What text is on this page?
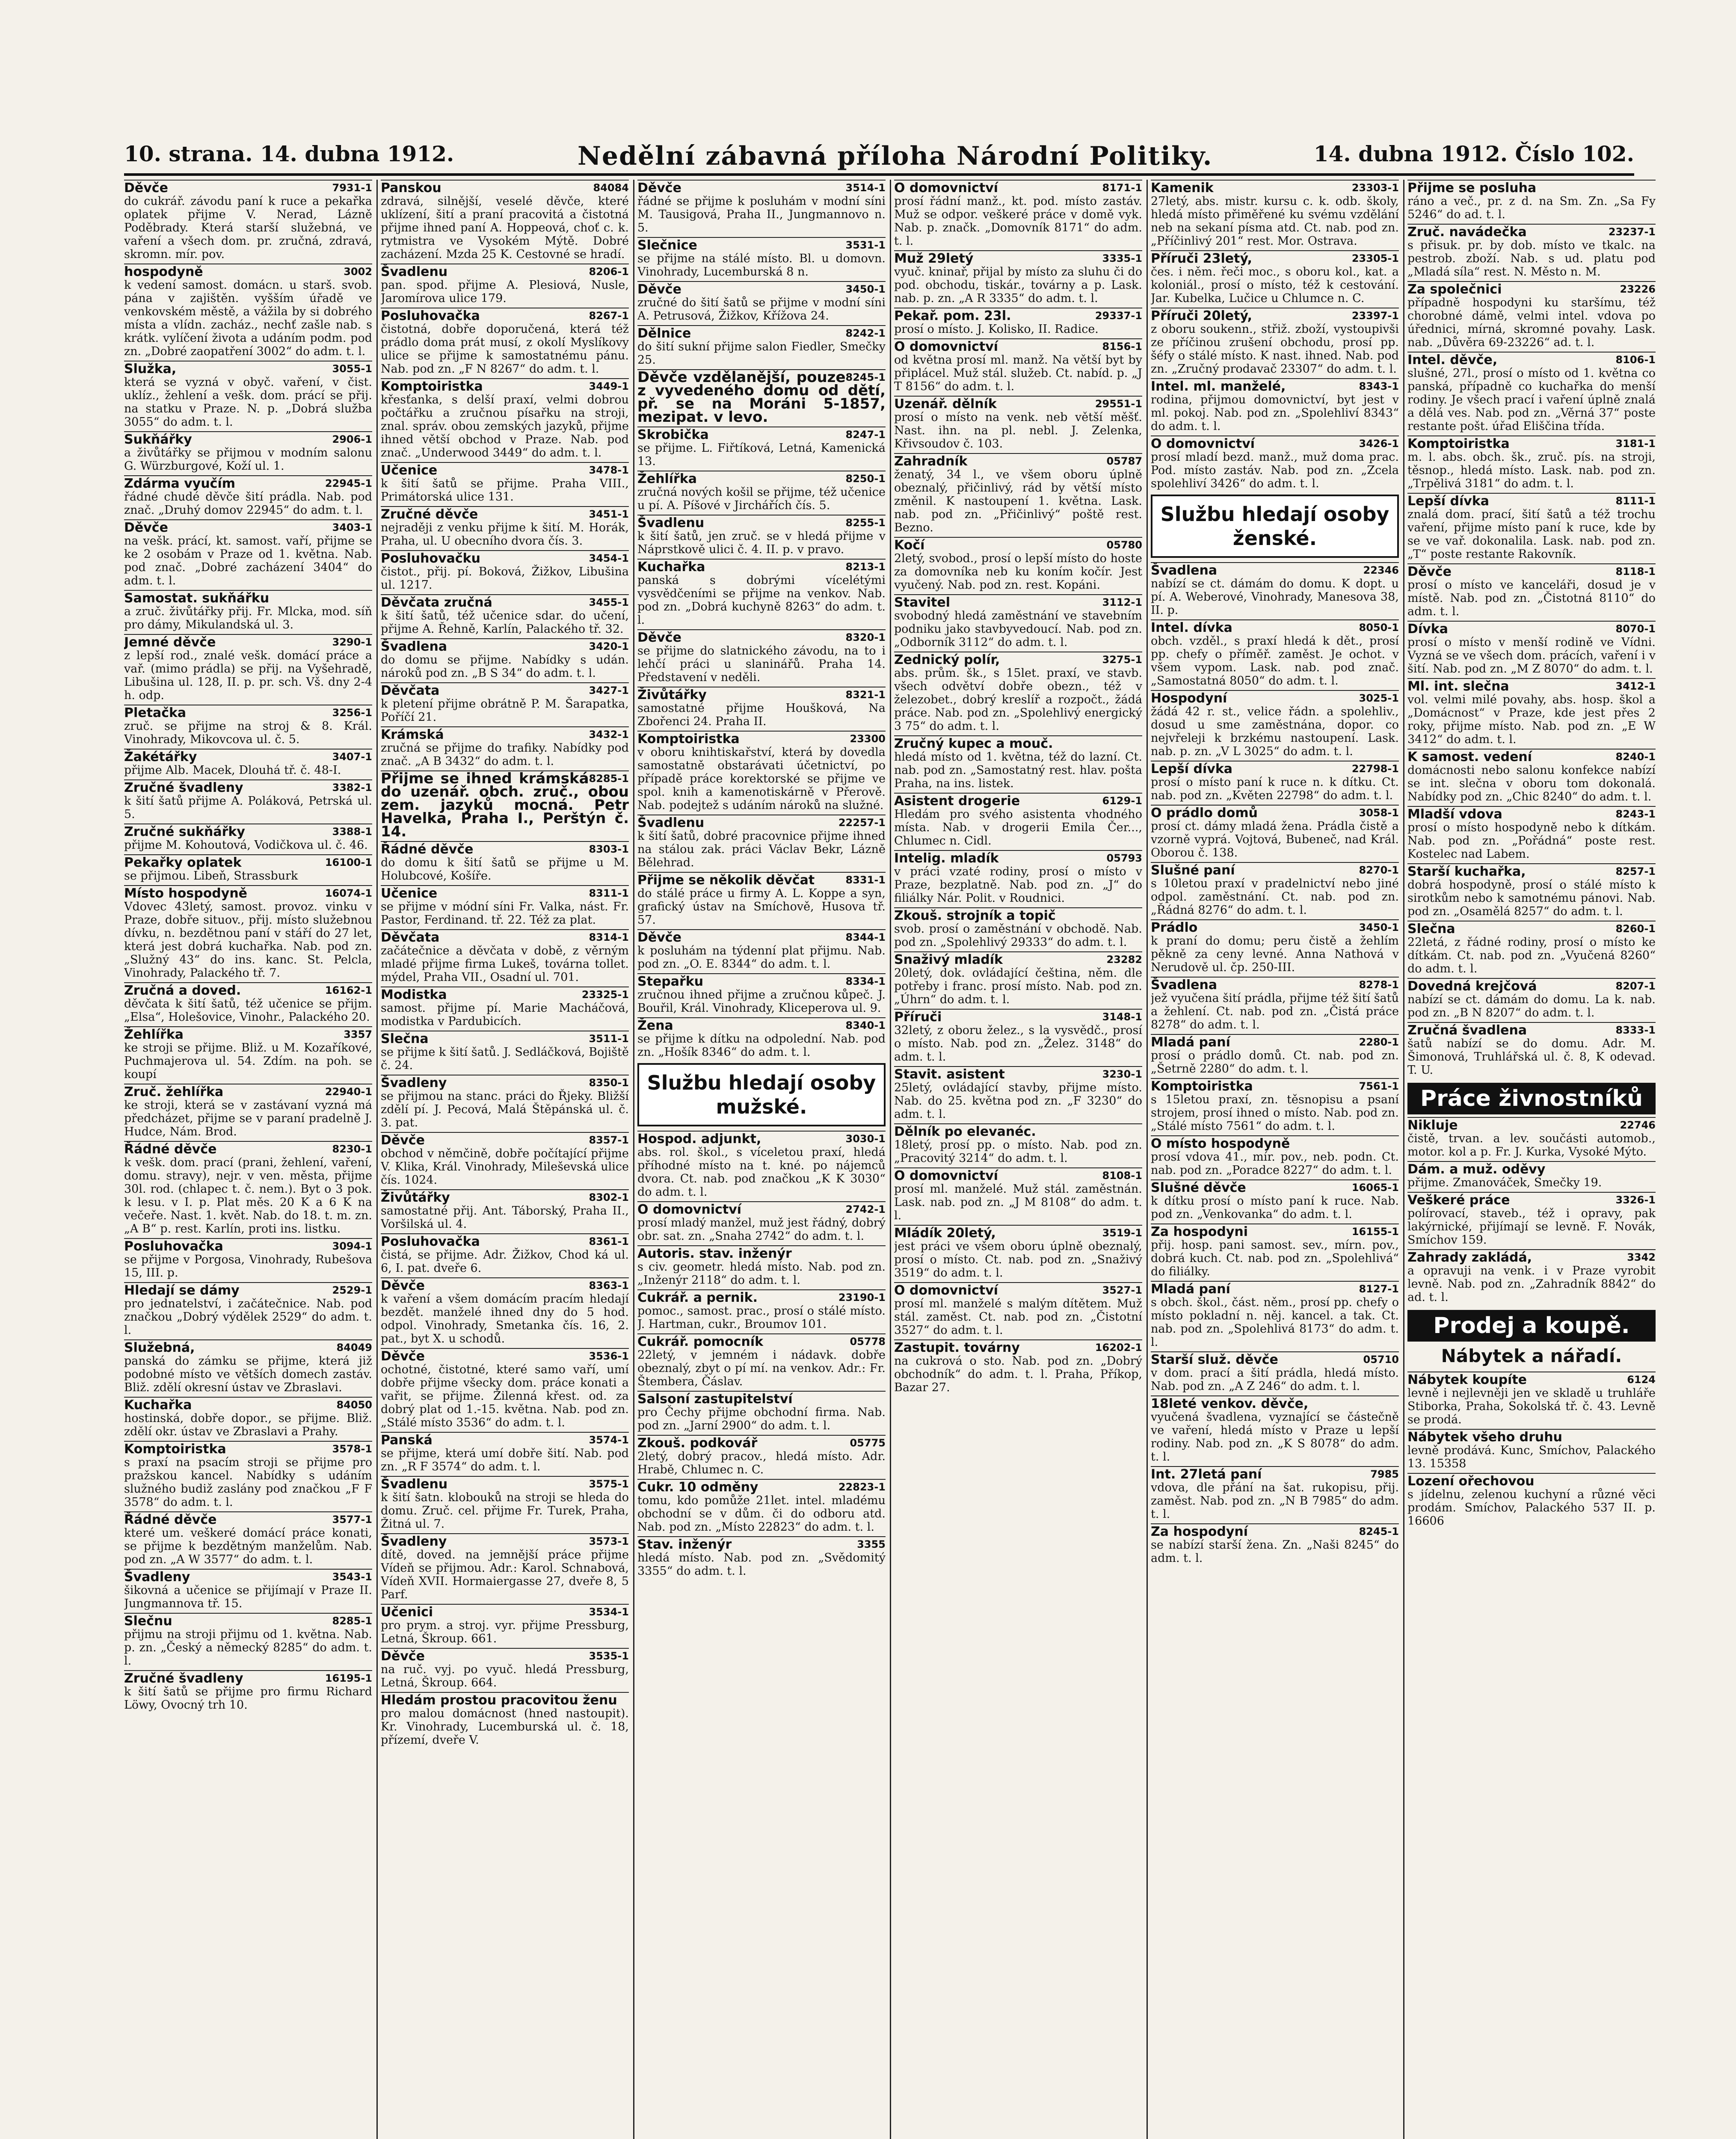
10. strana. 14. dubna 1912.	Nedělní zábavná příloha Národní Politiky.	14. dubna 1912. Číslo 102.
7931-1
Děvče
do cukrář. závodu paní k ruce a pekařka oplatek přijme V. Nerad, Lázně Poděbrady. Která starší služebná, ve vaření a všech dom. pr. zručná, zdravá, skromn. mír. pov.
3002
hospodyně
k vedení samost. domácn. u starš. svob. pána v zajištěn. vyšším úřadě ve venkovském městě, a vážila by si dobrého místa a vlídn. zacház., nechť zašle nab. s krátk. vylíčení života a udáním podm. pod zn. „Dobré zaopatření 3002“ do adm. t. l.
3055-1
Služka,
která se vyzná v obyč. vaření, v čist. uklíz., žehlení a vešk. dom. prácí se přij. na statku v Praze. N. p. „Dobrá služba 3055“ do adm. t. l.
2906-1
Sukňářky
a živůtářky se přijmou v modním salonu G. Würzburgové, Koží ul. 1.
22945-1
Zdárma vyučím
řádné chudé děvče šití prádla. Nab. pod znač. „Druhý domov 22945“ do adm. t. l.
3403-1
Děvče
na vešk. prácí, kt. samost. vaří, přijme se ke 2 osobám v Praze od 1. května. Nab. pod znač. „Dobré zacházení 3404“ do adm. t. l.
Samostat. sukňářku
a zruč. živůtářky přij. Fr. Mlcka, mod. síň pro dámy, Mikulandská ul. 3.
3290-1
Jemné děvče
z lepší rod., znalé vešk. domácí práce a vař. (mimo prádla) se přij. na Vyšehradě, Libušina ul. 128, II. p. pr. sch. Vš. dny 2-4 h. odp.
3256-1
Pletačka
zruč. se přijme na stroj & 8. Král. Vinohrady, Mikovcova ul. č. 5.
3407-1
Žakétářky
přijme Alb. Macek, Dlouhá tř. č. 48-I.
3382-1
Zručné švadleny
k šití šatů přijme A. Poláková, Petrská ul. 5.
3388-1
Zručné sukňářky
přijme M. Kohoutová, Vodičkova ul. č. 46.
16100-1
Pekařky oplatek
se přijmou. Libeň, Strassburk
16074-1
Místo hospodyně
Vdovec 43letý, samost. provoz. vinku v Praze, dobře situov., přij. místo služebnou dívku, n. bezdětnou paní v stáří do 27 let, která jest dobrá kuchařka. Nab. pod zn. „Služný 43“ do ins. kanc. St. Pelcla, Vinohrady, Palackého tř. 7.
16162-1
Zručná a doved.
děvčata k šití šatů, též učenice se přijm. „Elsa“, Holešovice, Vinohr., Palackého 20.
3357
Žehlířka
ke stroji se přijme. Bliž. u M. Kozaříkové, Puchmajerova ul. 54. Zdím. na poh. se koupí
22940-1
Zruč. žehlířka
ke stroji, která se v zastávaní vyzná má předcházet, přijme se v paraní pradelně J. Hudce, Nám. Brod.
8230-1
Řádné děvče
k vešk. dom. prací (prani, žehlení, vaření, domu. stravy), nejr. v ven. města, přijme 30l. rod. (chlapec t. č. nem.). Byt o 3 pok. k lesu. v I. p. Plat měs. 20 K a 6 K na večeře. Nast. 1. květ. Nab. do 18. t. m. zn. „A B“ p. rest. Karlín, proti ins. listku.
3094-1
Posluhovačka
se přijme v Porgosa, Vinohrady, Rubešova 15, III. p.
2529-1
Hledají se dámy
pro jednatelství, i začátečnice. Nab. pod značkou „Dobrý výdělek 2529“ do adm. t. l.
84049
Služebná,
panská do zámku se přijme, která již podobné místo ve větších domech zastáv. Bliž. zdělí okresní ústav ve Zbraslavi.
84050
Kuchařka
hostinská, dobře dopor., se přijme. Bliž. zdělí okr. ústav ve Zbraslavi a Prahy.
3578-1
Komptoiristka
s praxí na psacím stroji se přijme pro pražskou kancel. Nabídky s udáním služného budiž zaslány pod značkou „F F 3578“ do adm. t. l.
3577-1
Řádné děvče
které um. veškeré domácí práce konati, se přijme k bezdětným manželům. Nab. pod zn. „A W 3577“ do adm. t. l.
3543-1
Švadleny
šikovná a učenice se přijímají v Praze II. Jungmannova tř. 15.
8285-1
Slečnu
přijmu na stroji přijmu od 1. května. Nab. p. zn. „Český a německý 8285“ do adm. t. l.
16195-1
Zručné švadleny
k šití šatů se přijme pro firmu Richard Löwy, Ovocný trh 10.
84084
Panskou
zdravá, silnější, veselé děvče, které uklízení, šití a praní pracovitá a čistotná přijme ihned paní A. Hoppeová, choť c. k. rytmistra ve Vysokém Mýtě. Dobré zacházení. Mzda 25 K. Cestovné se hradí.
8206-1
Švadlenu
pan. spod. přijme A. Plesiová, Nusle, Jaromírova ulice 179.
8267-1
Posluhovačka
čistotná, dobře doporučená, která též prádlo doma prát musí, z okolí Myslíkovy ulice se přijme k samostatnému pánu. Nab. pod zn. „F N 8267“ do adm. t. l.
3449-1
Komptoiristka
křesťanka, s delší praxí, velmi dobrou počtářku a zručnou písařku na stroji, znal. správ. obou zemských jazyků, přijme ihned větší obchod v Praze. Nab. pod znač. „Underwood 3449“ do adm. t. l.
3478-1
Učenice
k šití šatů se přijme. Praha VIII., Primátorská ulice 131.
3451-1
Zručné děvče
nejraději z venku přijme k šití. M. Horák, Praha, ul. U obecního dvora čís. 3.
3454-1
Posluhovačku
čistot., přij. pí. Boková, Žižkov, Libušina ul. 1217.
3455-1
Děvčata zručná
k šití šatů, též učenice sdar. do učení, přijme A. Řehně, Karlín, Palackého tř. 32.
3420-1
Švadlena
do domu se přijme. Nabídky s udán. nároků pod zn. „B S 34“ do adm. t. l.
3427-1
Děvčata
k pletení přijme obrátně P. M. Šarapatka, Poříčí 21.
3432-1
Krámská
zručná se přijme do trafiky. Nabídky pod znač. „A B 3432“ do adm. t. l.
8285-1
Přijme se ihned krámská do uzenář. obch. zruč., obou zem. jazyků mocná. Petr Havelka, Praha I., Perštýn č. 14.
8303-1
Řádné děvče
do domu k šití šatů se přijme u M. Holubcové, Košíře.
8311-1
Učenice
se přijme v módní síni Fr. Valka, nást. Fr. Pastor, Ferdinand. tř. 22. Též za plat.
8314-1
Děvčata
začátečnice a děvčata v době, z věrným mladé přijme firma Lukeš, továrna tollet. mýdel, Praha VII., Osadní ul. 701.
23325-1
Modistka
samost. přijme pí. Marie Macháčová, modistka v Pardubicích.
3511-1
Slečna
se přijme k šití šatů. J. Sedláčková, Bojiště č. 24.
8350-1
Švadleny
se přijmou na stanc. práci do Řjeky. Bližší zdělí pí. J. Pecová, Malá Štěpánská ul. č. 3. pat.
8357-1
Děvče
obchod v němčině, dobře počítající přijme V. Klika, Král. Vinohrady, Mileševská ulice čís. 1024.
8302-1
Živůtářky
samostatné přij. Ant. Táborský, Praha II., Voršilská ul. 4.
8361-1
Posluhovačka
čistá, se přijme. Adr. Žižkov, Chod ká ul. 6, I. pat. dveře 6.
8363-1
Děvče
k vaření a všem domácím pracím hledají bezdět. manželé ihned dny do 5 hod. odpol. Vinohrady, Smetanka čís. 16, 2. pat., byt X. u schodů.
3536-1
Děvče
ochotné, čistotné, které samo vaří, umí dobře přijme všecky dom. práce konati a vařit, se přijme. Žilenná křest. od. za dobrý plat od 1.-15. května. Nab. pod zn. „Stálé místo 3536“ do adm. t. l.
3574-1
Panská
se přijme, která umí dobře šití. Nab. pod zn. „R F 3574“ do adm. t. l.
3575-1
Švadlenu
k šití šatn. klobouků na stroji se hleda do domu. Zruč. cel. přijme Fr. Turek, Praha, Žitná ul. 7.
3573-1
Švadleny
dítě, doved. na jemnější práce přijme Vídeň se přijmou. Adr.: Karol. Schnabová, Vídeň XVII. Hormaiergasse 27, dveře 8, 5 Parf.
3534-1
Učenici
pro prym. a stroj. vyr. přijme Pressburg, Letná, Škroup. 661.
3535-1
Děvče
na ruč. vyj. po vyuč. hledá Pressburg, Letná, Škroup. 664.
Hledám prostou pracovitou ženu
pro malou domácnost (hned nastoupit). Kr. Vinohrady, Lucemburská ul. č. 18, přízemí, dveře V.
3514-1
Děvče
řádné se přijme k posluhám v modní síni M. Tausigová, Praha II., Jungmannovo n. 5.
3531-1
Slečnice
se přijme na stálé místo. Bl. u domovn. Vinohrady, Lucemburská 8 n.
3450-1
Děvče
zručné do šití šatů se přijme v modní síni A. Petrusová, Žižkov, Křížova 24.
8242-1
Dělnice
do šití sukní přijme salon Fiedler, Smečky 25.
8245-1
Děvče vzdělanější, pouze z vyvedeného domu od dětí, př. se na Moráni 5-1857, mezipat. v levo.
8247-1
Skrobička
se přijme. L. Fiřtíková, Letná, Kamenická 13.
8250-1
Žehlířka
zručná nových košil se přijme, též učenice u pí. A. Píšové v Jirchářích čís. 5.
8255-1
Švadlenu
k šití šatů, jen zruč. se v hledá přijme v Náprstkově ulici č. 4. II. p. v pravo.
8213-1
Kuchařka
panská s dobrými vícelétými vysvědčeními se přijme na venkov. Nab. pod zn. „Dobrá kuchyně 8263“ do adm. t. l.
8320-1
Děvče
se přijme do slatnického závodu, na to i lehčí práci u slaninářů. Praha 14. Představení v neděli.
8321-1
Živůtářky
samostatné přijme Houšková, Na Zbořenci 24. Praha II.
23300
Komptoiristka
v oboru knihtiskařství, která by dovedla samostatně obstarávati účetnictví, po případě práce korektorské se přijme ve spol. knih a kamenotiskárně v Přerově. Nab. podejtež s udáním nároků na služné.
22257-1
Švadlenu
k šití šatů, dobré pracovnice přijme ihned na stálou zak. práci Václav Bekr, Lázně Bělehrad.
8331-1
Přijme se několik děvčat
do stálé práce u firmy A. L. Koppe a syn, grafický ústav na Smíchově, Husova tř. 57.
8344-1
Děvče
k posluhám na týdenní plat přijmu. Nab. pod zn. „O. E. 8344“ do adm. t. l.
8334-1
Stepařku
zručnou ihned přijme a zručnou kůpeč. J. Bouřil, Král. Vinohrady, Kliceperova ul. 9.
8340-1
Žena
se přijme k dítku na odpolední. Nab. pod zn. „Hošík 8346“ do adm. t. l.
Službu hledají osoby mužské.
3030-1
Hospod. adjunkt,
abs. rol. škol., s víceletou praxí, hledá příhodné místo na t. kné. po nájemců dvora. Ct. nab. pod značkou „K K 3030“ do adm. t. l.
2742-1
O domovnictví
prosí mladý manžel, muž jest řádný, dobrý obr. sat. zn. „Snaha 2742“ do adm. t. l.
Autoris. stav. inženýr
s civ. geometr. hledá místo. Nab. pod zn. „Inženýr 2118“ do adm. t. l.
23190-1
Cukrář. a pernik.
pomoc., samost. prac., prosí o stálé místo. J. Hartman, cukr., Broumov 101.
05778
Cukrář. pomocník
22letý, v jemném i nádavk. dobře obeznalý, zbyt o pí mí. na venkov. Adr.: Fr. Štembera, Čáslav.
Salsoní zastupitelství
pro Čechy přijme obchodní firma. Nab. pod zn. „Jarní 2900“ do adm. t. l.
05775
Zkouš. podkovář
2letý, dobrý pracov., hledá místo. Adr. Hrabě, Chlumec n. C.
22823-1
Cukr. 10 odměny
tomu, kdo pomůže 21let. intel. mladému obchodní se v dům. či do odboru atd. Nab. pod zn. „Místo 22823“ do adm. t. l.
3355
Stav. inženýr
hledá místo. Nab. pod zn. „Svědomitý 3355“ do adm. t. l.
8171-1
O domovnictví
prosí řádní manž., kt. pod. místo zastáv. Muž se odpor. veškeré práce v domě vyk. Nab. p. značk. „Domovník 8171“ do adm. t. l.
3335-1
Muž 29letý
vyuč. kninař, přijal by místo za sluhu či do pod. obchodu, tiskár., továrny a p. Lask. nab. p. zn. „A R 3335“ do adm. t. l.
29337-1
Pekař. pom. 23l.
prosí o místo. J. Kolisko, II. Radice.
8156-1
O domovnictví
od května prosí ml. manž. Na větší byt by připlácel. Muž stál. služeb. Ct. nabíd. p. „J T 8156“ do adm. t. l.
29551-1
Uzenář. dělník
prosí o místo na venk. neb větší měšť. Nast. ihn. na pl. nebl. J. Zelenka, Křivsoudov č. 103.
05787
Zahradník
ženatý, 34 l., ve všem oboru úplně obeznalý, přičinlivý, rád by větší místo změnil. K nastoupení 1. května. Lask. nab. pod zn. „Přičinlivý“ poště rest. Bezno.
05780
Kočí
2letý, svobod., prosí o lepší místo do hoste za domovníka neb ku koním kočír. Jest vyučený. Nab. pod zn. rest. Kopáni.
3112-1
Stavitel
svobodný hledá zaměstnání ve stavebním podniku jako stavbyvedoucí. Nab. pod zn. „Odborník 3112“ do adm. t. l.
3275-1
Zednický polír,
abs. prům. šk., s 15let. praxí, ve stavb. všech odvětví dobře obezn., též v železobet., dobrý kreslíř a rozpočt., žádá práce. Nab. pod zn. „Spolehlivý energický 3 75“ do adm. t. l.
Zručný kupec a mouč.
hledá místo od 1. května, též do lazní. Ct. nab. pod zn. „Samostatný rest. hlav. pošta Praha, na ins. listek.
6129-1
Asistent drogerie
Hledám pro svého asistenta vhodného místa. Nab. v drogerii Emila Čer..., Chlumec n. Cidl.
05793
Intelig. mladík
v práci vzaté rodiny, prosí o místo v Praze, bezplatně. Nab. pod zn. „J“ do filiálky Nár. Polit. v Roudnici.
Zkouš. strojník a topič
svob. prosí o zaměstnání v obchodě. Nab. pod zn. „Spolehlivý 29333“ do adm. t. l.
23282
Snaživý mladík
20letý, dok. ovládající čeština, něm. dle potřeby i franc. prosí místo. Nab. pod zn. „Úhrn“ do adm. t. l.
3148-1
Příruči
32letý, z oboru želez., s la vysvědč., prosí o místo. Nab. pod zn. „Želez. 3148“ do adm. t. l.
3230-1
Stavit. asistent
25letý, ovládající stavby, přijme místo. Nab. do 25. května pod zn. „F 3230“ do adm. t. l.
Dělník po elevanéc.
18letý, prosí pp. o místo. Nab. pod zn. „Pracovitý 3214“ do adm. t. l.
8108-1
O domovnictví
prosí ml. manželé. Muž stál. zaměstnán. Lask. nab. pod zn. „J M 8108“ do adm. t. l.
3519-1
Mládík 20letý,
jest práci ve všem oboru úplně obeznalý, prosí o místo. Ct. nab. pod zn. „Snaživý 3519“ do adm. t. l.
3527-1
O domovnictví
prosí ml. manželé s malým dítětem. Muž stál. zaměst. Ct. nab. pod zn. „Čistotní 3527“ do adm. t. l.
16202-1
Zastupit. továrny
na cukrová o sto. Nab. pod zn. „Dobrý obchodník“ do adm. t. l. Praha, Příkop, Bazar 27.
23303-1
Kamenik
27letý, abs. mistr. kursu c. k. odb. školy, hledá místo přiměřené ku svému vzdělání neb na sekaní písma atd. Ct. nab. pod zn. „Příčinlivý 201“ rest. Mor. Ostrava.
23305-1
Příruči 23letý,
čes. i něm. řeči moc., s oboru kol., kat. a koloniál., prosí o místo, též k cestování. Jar. Kubelka, Lučice u Chlumce n. C.
23397-1
Příruči 20letý,
z oboru soukenn., střiž. zboží, vystoupivši ze příčinou zrušení obchodu, prosí pp. šéfy o stálé místo. K nast. ihned. Nab. pod zn. „Zručný prodavač 23307“ do adm. t. l.
8343-1
Intel. ml. manželé,
rodina, přijmou domovnictví, byt jest v ml. pokoj. Nab. pod zn. „Spolehliví 8343“ do adm. t. l.
3426-1
O domovnictví
prosí mladí bezd. manž., muž doma prac. Pod. místo zastáv. Nab. pod zn. „Zcela spolehliví 3426“ do adm. t. l.
Službu hledají osoby ženské.
22346
Švadlena
nabízí se ct. dámám do domu. K dopt. u pí. A. Weberové, Vinohrady, Manesova 38, II. p.
8050-1
Intel. dívka
obch. vzděl., s praxí hledá k dět., prosí pp. chefy o příměř. zaměst. Je ochot. v všem vypom. Lask. nab. pod znač. „Samostatná 8050“ do adm. t. l.
3025-1
Hospodyní
žádá 42 r. st., velice řádn. a spolehliv., dosud u sme zaměstnána, dopor. co nejvřeleji k brzkému nastoupení. Lask. nab. p. zn. „V L 3025“ do adm. t. l.
22798-1
Lepší dívka
prosí o místo paní k ruce n. k dítku. Ct. nab. pod zn. „Květen 22798“ do adm. t. l.
3058-1
O prádlo domů
prosí ct. dámy mladá žena. Prádla čistě a vzorně vyprá. Vojtová, Bubeneč, nad Král. Oborou č. 138.
8270-1
Slušné paní
s 10letou praxí v pradelnictví nebo jiné odpol. zaměstnání. Ct. nab. pod zn. „Řádná 8276“ do adm. t. l.
3450-1
Prádlo
k praní do domu; peru čistě a žehlím pěkně za ceny levné. Anna Nathová v Nerudově ul. čp. 250-III.
8278-1
Švadlena
jež vyučena šití prádla, přijme též šití šatů a žehlení. Ct. nab. pod zn. „Čistá práce 8278“ do adm. t. l.
2280-1
Mladá paní
prosí o prádlo domů. Ct. nab. pod zn. „Šetrně 2280“ do adm. t. l.
7561-1
Komptoiristka
s 15letou praxí, zn. těsnopisu a psaní strojem, prosí ihned o místo. Nab. pod zn. „Stálé místo 7561“ do adm. t. l.
O místo hospodyně
prosí vdova 41., mír. pov., neb. podn. Ct. nab. pod zn. „Poradce 8227“ do adm. t. l.
16065-1
Slušné děvče
k dítku prosí o místo paní k ruce. Nab. pod zn. „Venkovanka“ do adm. t. l.
16155-1
Za hospodyni
přij. hosp. pani samost. sev., mírn. pov., dobrá kuch. Ct. nab. pod zn. „Spolehlivá“ do filiálky.
8127-1
Mladá paní
s obch. škol., část. něm., prosí pp. chefy o místo pokladní n. něj. kancel. a tak. Ct. nab. pod zn. „Spolehlivá 8173“ do adm. t. l.
05710
Starší služ. děvče
v dom. prací a šití prádla, hledá místo. Nab. pod zn. „A Z 246“ do adm. t. l.
18leté venkov. děvče,
vyučená švadlena, vyznající se částečně ve vaření, hledá místo v Praze u lepší rodiny. Nab. pod zn. „K S 8078“ do adm. t. l.
7985
Int. 27letá paní
vdova, dle přání na šat. rukopisu, přij. zaměst. Nab. pod zn. „N B 7985“ do adm. t. l.
8245-1
Za hospodyní
se nabízí starší žena. Zn. „Naši 8245“ do adm. t. l.
Přijme se posluha
ráno a več., pr. z d. na Sm. Zn. „Sa Fy 5246“ do ad. t. l.
23237-1
Zruč. navádečka
s přisuk. pr. by dob. místo ve tkalc. na pestrob. zboží. Nab. s ud. platu pod „Mladá síla“ rest. N. Město n. M.
23226
Za společnici
případně hospodyni ku staršímu, též chorobné dámě, velmi intel. vdova po úřednici, mírná, skromné povahy. Lask. nab. „Důvěra 69-23226“ ad. t. l.
8106-1
Intel. děvče,
slušné, 27l., prosí o místo od 1. května co panská, případně co kuchařka do menší rodiny. Je všech prací i vaření úplně znalá a dělá ves. Nab. pod zn. „Věrná 37“ poste restante pošt. úřad Eliščina třída.
3181-1
Komptoiristka
m. l. abs. obch. šk., zruč. pís. na stroji, těsnop., hledá místo. Lask. nab. pod zn. „Trpělivá 3181“ do adm. t. l.
8111-1
Lepší dívka
znalá dom. prací, šití šatů a též trochu vaření, přijme místo paní k ruce, kde by se ve vař. dokonalila. Lask. nab. pod zn. „T“ poste restante Rakovník.
8118-1
Děvče
prosí o místo ve kanceláři, dosud je v místě. Nab. pod zn. „Čistotná 8110“ do adm. t. l.
8070-1
Dívka
prosí o místo v menší rodině ve Vídni. Vyzná se ve všech dom. prácích, vaření i v šití. Nab. pod zn. „M Z 8070“ do adm. t. l.
3412-1
Ml. int. slečna
vol. velmi milé povahy, abs. hosp. škol a „Domácnost“ v Praze, kde jest přes 2 roky, přijme místo. Nab. pod zn. „E W 3412“ do adm. t. l.
8240-1
K samost. vedení
domácnosti nebo salonu konfekce nabízí se int. slečna v oboru tom dokonalá. Nabídky pod zn. „Chic 8240“ do adm. t. l.
8243-1
Mladší vdova
prosí o místo hospodyně nebo k dítkám. Nab. pod zn. „Pořádná“ poste rest. Kostelec nad Labem.
8257-1
Starší kuchařka,
dobrá hospodyně, prosí o stálé místo k sirotkům nebo k samotnému pánovi. Nab. pod zn. „Osamělá 8257“ do adm. t. l.
8260-1
Slečna
22letá, z řádné rodiny, prosí o místo ke dítkám. Ct. nab. pod zn. „Vyučená 8260“ do adm. t. l.
8207-1
Dovedná krejčová
nabízí se ct. dámám do domu. La k. nab. pod zn. „B N 8207“ do adm. t. l.
8333-1
Zručná švadlena
šatů nabízí se do domu. Adr. M. Šimonová, Truhlářská ul. č. 8, K odevad. T. U.
Práce živnostníků
22746
Nikluje
čistě, trvan. a lev. součásti automob., motor. kol a p. Fr. J. Kurka, Vysoké Mýto.
Dám. a muž. oděvy
přijme. Zmanováček, Smečky 19.
3326-1
Veškeré práce
polírovací, staveb., též i opravy, pak lakýrnické, přijímají se levně. F. Novák, Smíchov 159.
3342
Zahrady zakládá,
a opravuji na venk. i v Praze vyrobit levně. Nab. pod zn. „Zahradník 8842“ do ad. t. l.
Prodej a koupě.
Nábytek a nářadí.
6124
Nábytek koupíte
levně i nejlevněji jen ve skladě u truhláře Stiborka, Praha, Sokolská tř. č. 43. Levně se prodá.
Nábytek všeho druhu
levně prodává. Kunc, Smíchov, Palackého 13. 15358
Lození ořechovou
s jídelnu, zelenou kuchyní a různé věci prodám. Smíchov, Palackého 537 II. p. 16606
